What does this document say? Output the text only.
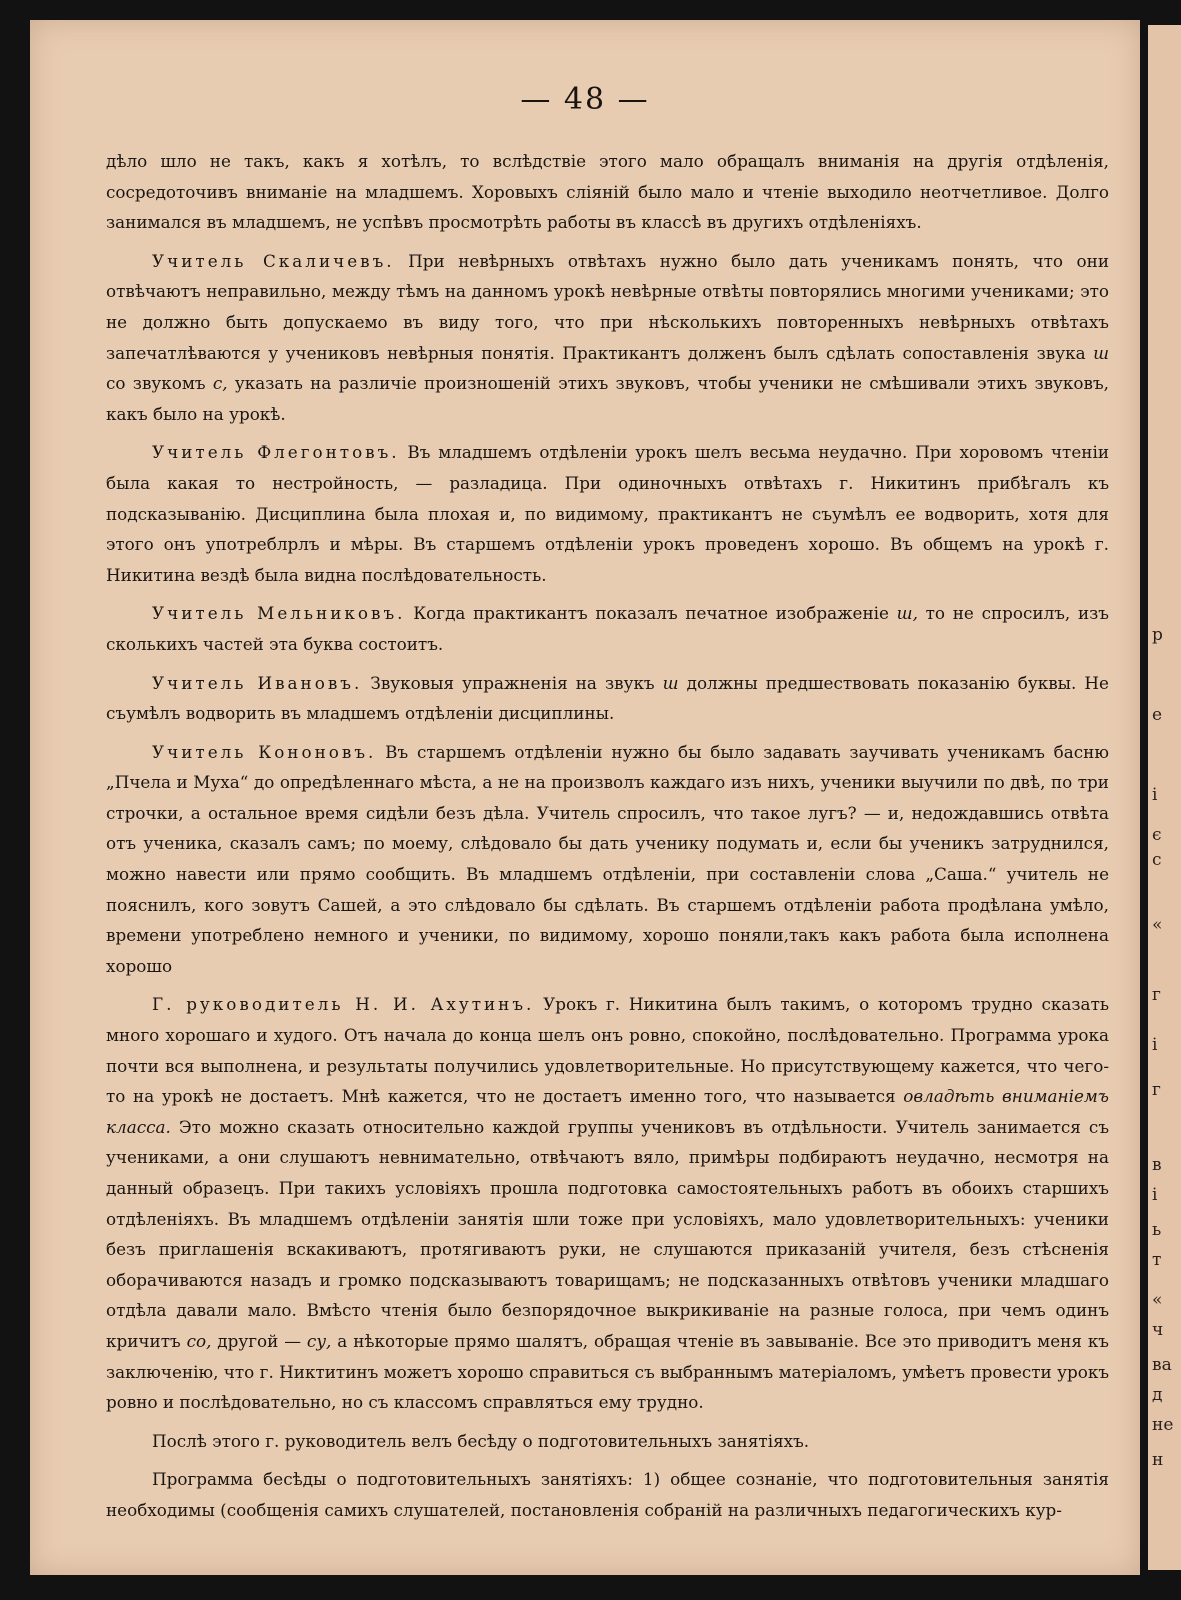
— 48 —

дѣло шло не такъ, какъ я хотѣлъ, то вслѣдствіе этого мало обращалъ вниманія на другія отдѣленія, сосредоточивъ вниманіе на младшемъ. Хоровыхъ сліяній было мало и чтеніе выходило неотчетливое. Долго занимался въ младшемъ, не успѣвъ просмотрѣть работы въ классѣ въ другихъ отдѣленіяхъ.

Учитель Скаличевъ. При невѣрныхъ отвѣтахъ нужно было дать ученикамъ понять, что они отвѣчаютъ неправильно, между тѣмъ на данномъ урокѣ невѣрные отвѣты повторялись многими учениками; это не должно быть допускаемо въ виду того, что при нѣсколькихъ повторенныхъ невѣрныхъ отвѣтахъ запечатлѣваются у учениковъ невѣрныя понятія. Практикантъ долженъ былъ сдѣлать сопоставленія звука ш со звукомъ с, указать на различіе произношеній этихъ звуковъ, чтобы ученики не смѣшивали этихъ звуковъ, какъ было на урокѣ.

Учитель Флегонтовъ. Въ младшемъ отдѣленіи урокъ шелъ весьма неудачно. При хоровомъ чтеніи была какая то нестройность, — разладица. При одиночныхъ отвѣтахъ г. Никитинъ прибѣгалъ къ подсказыванію. Дисциплина была плохая и, по видимому, практикантъ не съумѣлъ ее водворить, хотя для этого онъ употреблрлъ и мѣры. Въ старшемъ отдѣленіи урокъ проведенъ хорошо. Въ общемъ на урокѣ г. Никитина вездѣ была видна послѣдовательность.

Учитель Мельниковъ. Когда практикантъ показалъ печатное изображеніе ш, то не спросилъ, изъ сколькихъ частей эта буква состоитъ.

Учитель Ивановъ. Звуковыя упражненія на звукъ ш должны предшествовать показанію буквы. Не съумѣлъ водворить въ младшемъ отдѣленіи дисциплины.

Учитель Кононовъ. Въ старшемъ отдѣленіи нужно бы было задавать заучивать ученикамъ басню „Пчела и Муха“ до опредѣленнаго мѣста, а не на произволъ каждаго изъ нихъ, ученики выучили по двѣ, по три строчки, а остальное время сидѣли безъ дѣла. Учитель спросилъ, что такое лугъ? — и, недождавшись отвѣта отъ ученика, сказалъ самъ; по моему, слѣдовало бы дать ученику подумать и, если бы ученикъ затруднился, можно навести или прямо сообщить. Въ младшемъ отдѣленіи, при составленіи слова „Саша.“ учитель не пояснилъ, кого зовутъ Сашей, а это слѣдовало бы сдѣлать. Въ старшемъ отдѣленіи работа продѣлана умѣло, времени употреблено немного и ученики, по видимому, хорошо поняли,такъ какъ работа была исполнена хорошо

Г. руководитель Н. И. Ахутинъ. Урокъ г. Никитина былъ такимъ, о которомъ трудно сказать много хорошаго и худого. Отъ начала до конца шелъ онъ ровно, спокойно, послѣдовательно. Программа урока почти вся выполнена, и результаты получились удовлетворительные. Но присутствующему кажется, что чего-то на урокѣ не достаетъ. Мнѣ кажется, что не достаетъ именно того, что называется овладѣть вниманіемъ класса. Это можно сказать относительно каждой группы учениковъ въ отдѣльности. Учитель занимается съ учениками, а они слушаютъ невнимательно, отвѣчаютъ вяло, примѣры подбираютъ неудачно, несмотря на данный образецъ. При такихъ условіяхъ прошла подготовка самостоятельныхъ работъ въ обоихъ старшихъ отдѣленіяхъ. Въ младшемъ отдѣленіи занятія шли тоже при условіяхъ, мало удовлетворительныхъ: ученики безъ приглашенія вскакиваютъ, протягиваютъ руки, не слушаются приказаній учителя, безъ стѣсненія оборачиваются назадъ и громко подсказываютъ товарищамъ; не подсказанныхъ отвѣтовъ ученики младшаго отдѣла давали мало. Вмѣсто чтенія было безпорядочное выкрикиваніе на разные голоса, при чемъ одинъ кричитъ со, другой — су, а нѣкоторые прямо шалятъ, обращая чтеніе въ завываніе. Все это приводитъ меня къ заключенію, что г. Никтитинъ можетъ хорошо справиться съ выбраннымъ матеріаломъ, умѣетъ провести урокъ ровно и послѣдовательно, но съ классомъ справляться ему трудно.

Послѣ этого г. руководитель велъ бесѣду о подготовительныхъ занятіяхъ.

Программа бесѣды о подготовительныхъ занятіяхъ: 1) общее сознаніе, что подготовительныя занятія необходимы (сообщенія самихъ слушателей, постановленія собраній на различныхъ педагогическихъ кур-

р
е
і
є
с
«
г
і
г
в
і
ь
т
«
ч
ва
д
не
н
